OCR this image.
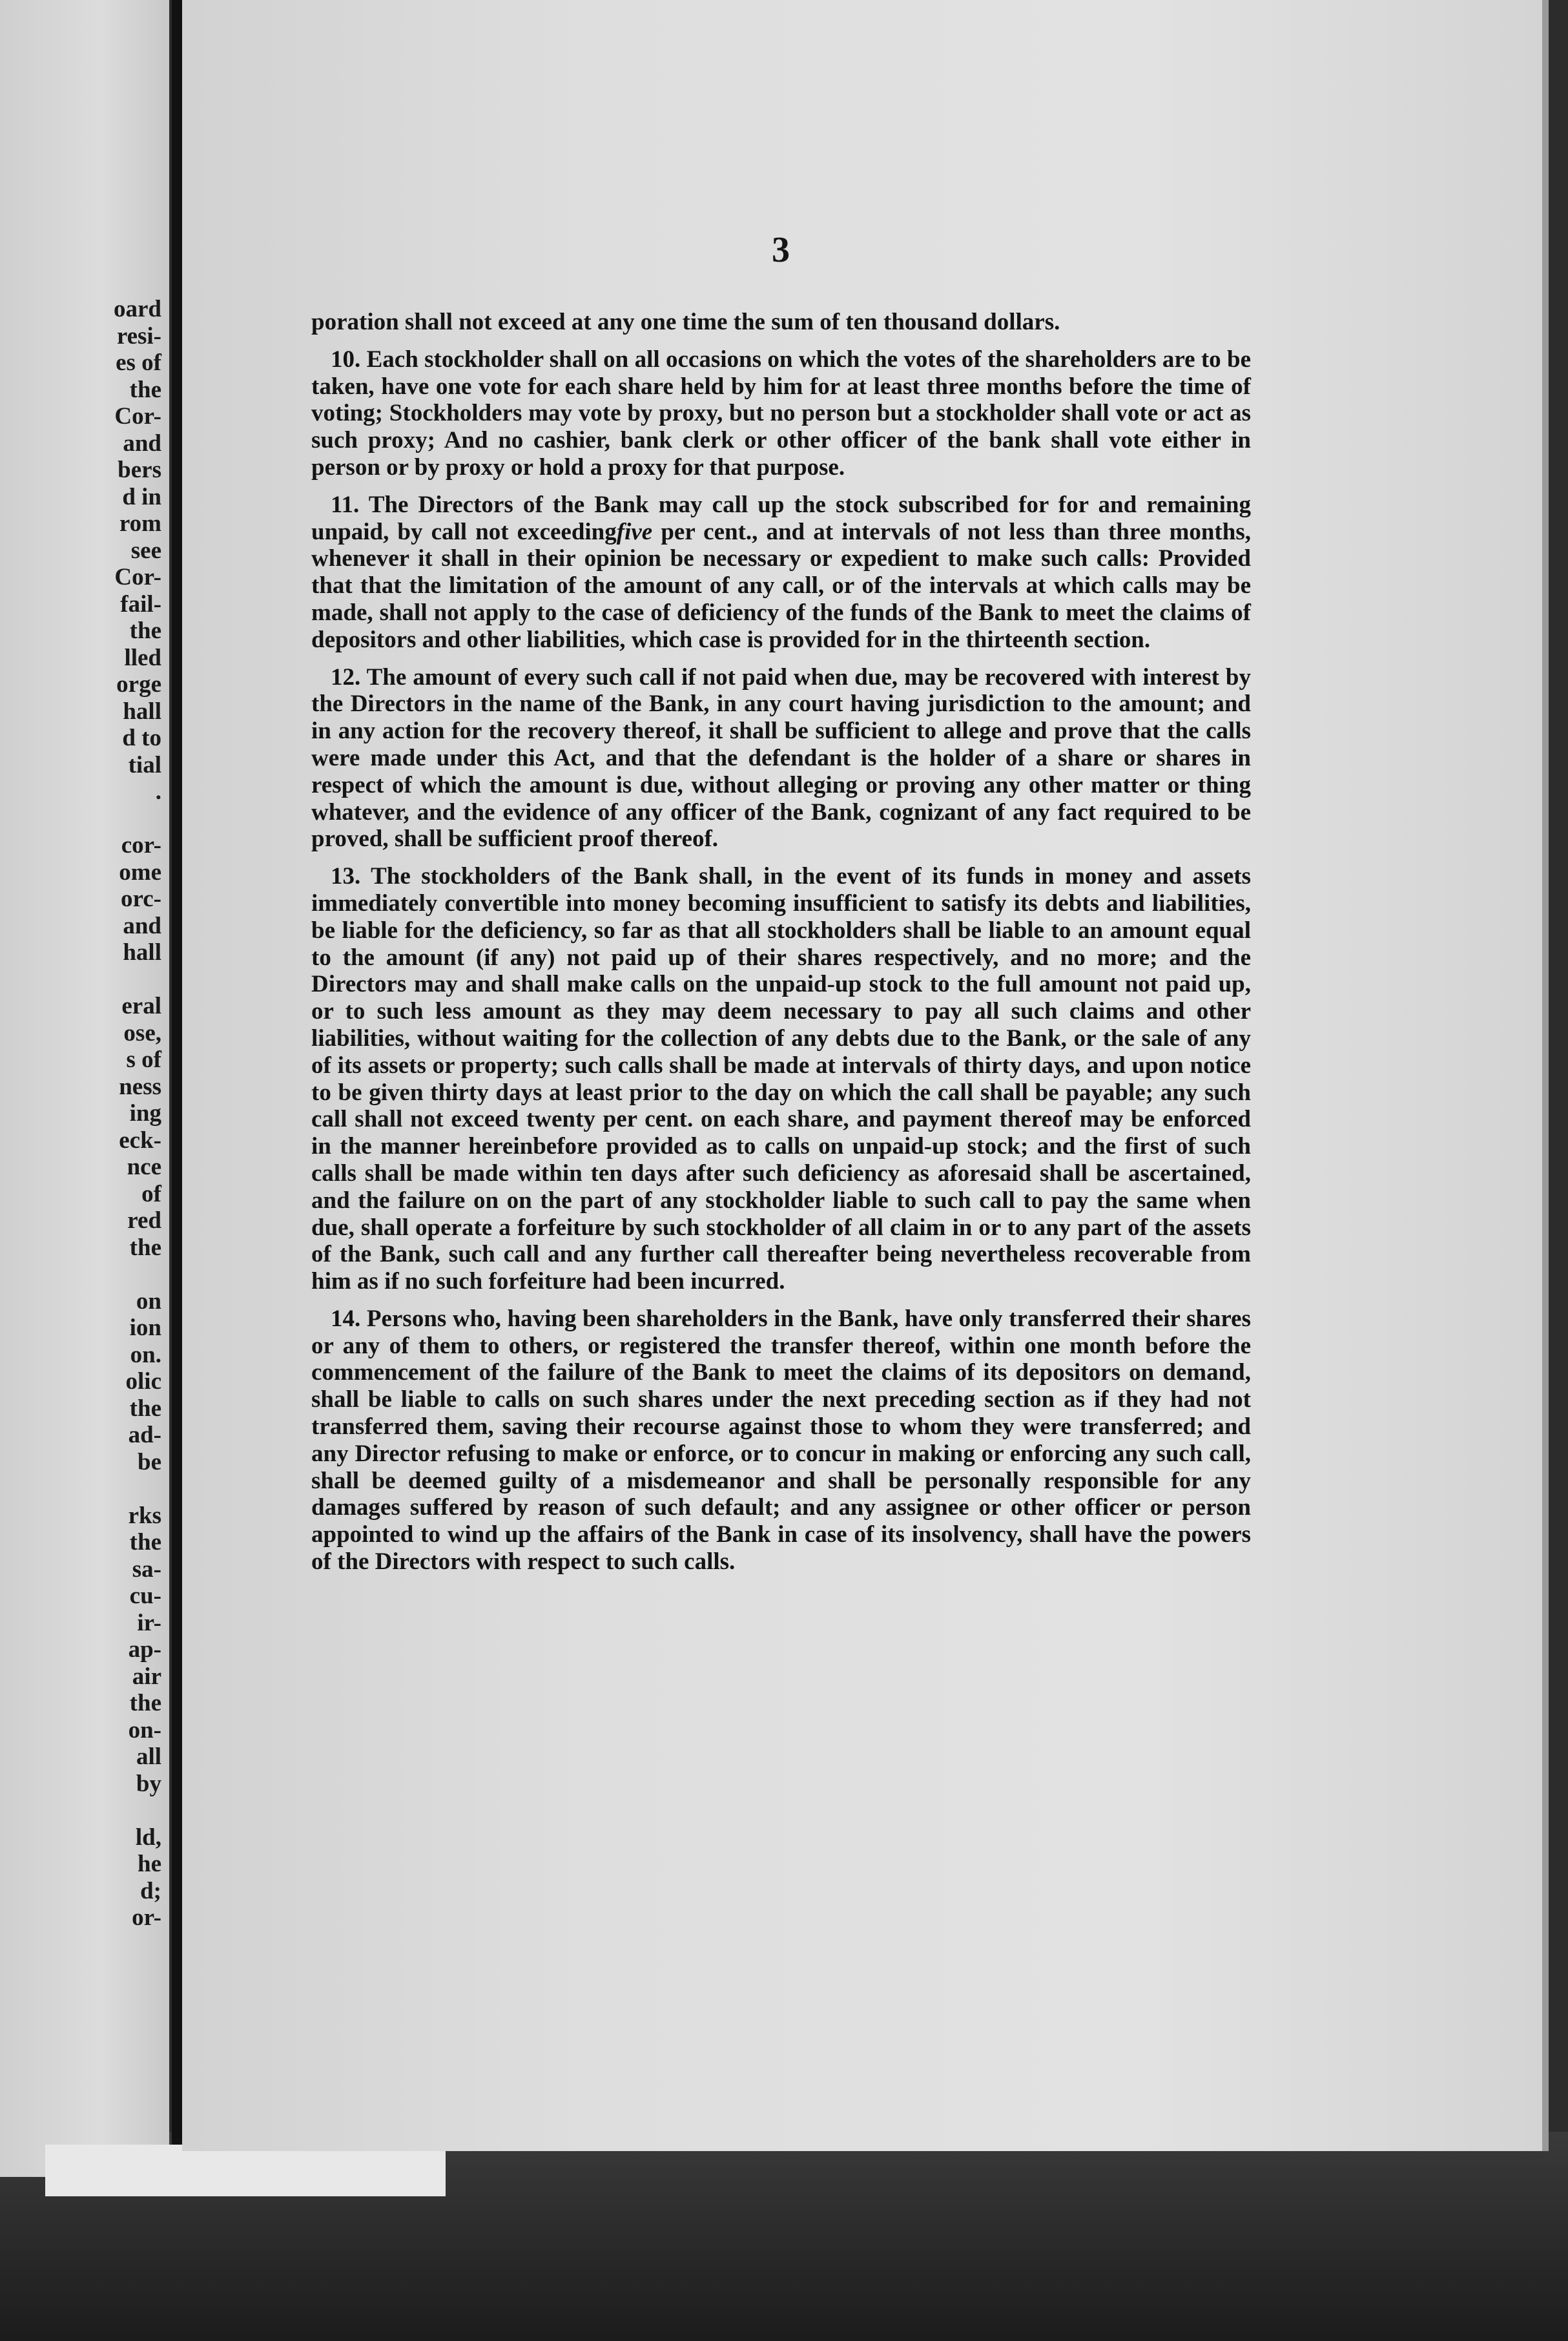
oard
resi-
es of
the
Cor-
and
bers
d in
rom
see
Cor-
fail-
the
lled
orge
hall
d to
tial
.

cor-
ome
orc-
and
hall

eral
ose,
s of
ness
ing
eck-
nce
of
red
the

on
ion
on.
olic
the
ad-
be

rks
the
sa-
cu-
ir-
ap-
air
the
on-
all
by

ld,
he
d;
or-
3

poration shall not exceed at any one time the sum of ten thousand dollars.

10. Each stockholder shall on all occasions on which the votes of the shareholders are to be taken, have one vote for each share held by him for at least three months before the time of voting; Stockholders may vote by proxy, but no person but a stockholder shall vote or act as such proxy; And no cashier, bank clerk or other officer of the bank shall vote either in person or by proxy or hold a proxy for that purpose.

11. The Directors of the Bank may call up the stock subscribed for for and remaining unpaid, by call not exceedingfive per cent., and at intervals of not less than three months, whenever it shall in their opinion be necessary or expedient to make such calls: Provided that that the limitation of the amount of any call, or of the intervals at which calls may be made, shall not apply to the case of deficiency of the funds of the Bank to meet the claims of depositors and other liabilities, which case is provided for in the thirteenth section.

12. The amount of every such call if not paid when due, may be recovered with interest by the Directors in the name of the Bank, in any court having jurisdiction to the amount; and in any action for the recovery thereof, it shall be sufficient to allege and prove that the calls were made under this Act, and that the defendant is the holder of a share or shares in respect of which the amount is due, without alleging or proving any other matter or thing whatever, and the evidence of any officer of the Bank, cognizant of any fact required to be proved, shall be sufficient proof thereof.

13. The stockholders of the Bank shall, in the event of its funds in money and assets immediately convertible into money becoming insufficient to satisfy its debts and liabilities, be liable for the deficiency, so far as that all stockholders shall be liable to an amount equal to the amount (if any) not paid up of their shares respectively, and no more; and the Directors may and shall make calls on the unpaid-up stock to the full amount not paid up, or to such less amount as they may deem necessary to pay all such claims and other liabilities, without waiting for the collection of any debts due to the Bank, or the sale of any of its assets or property; such calls shall be made at intervals of thirty days, and upon notice to be given thirty days at least prior to the day on which the call shall be payable; any such call shall not exceed twenty per cent. on each share, and payment thereof may be enforced in the manner hereinbefore provided as to calls on unpaid-up stock; and the first of such calls shall be made within ten days after such deficiency as aforesaid shall be ascertained, and the failure on on the part of any stockholder liable to such call to pay the same when due, shall operate a forfeiture by such stockholder of all claim in or to any part of the assets of the Bank, such call and any further call thereafter being nevertheless recoverable from him as if no such forfeiture had been incurred.

14. Persons who, having been shareholders in the Bank, have only transferred their shares or any of them to others, or registered the transfer thereof, within one month before the commencement of the failure of the Bank to meet the claims of its depositors on demand, shall be liable to calls on such shares under the next preceding section as if they had not transferred them, saving their recourse against those to whom they were transferred; and any Director refusing to make or enforce, or to concur in making or enforcing any such call, shall be deemed guilty of a misdemeanor and shall be personally responsible for any damages suffered by reason of such default; and any assignee or other officer or person appointed to wind up the affairs of the Bank in case of its insolvency, shall have the powers of the Directors with respect to such calls.
